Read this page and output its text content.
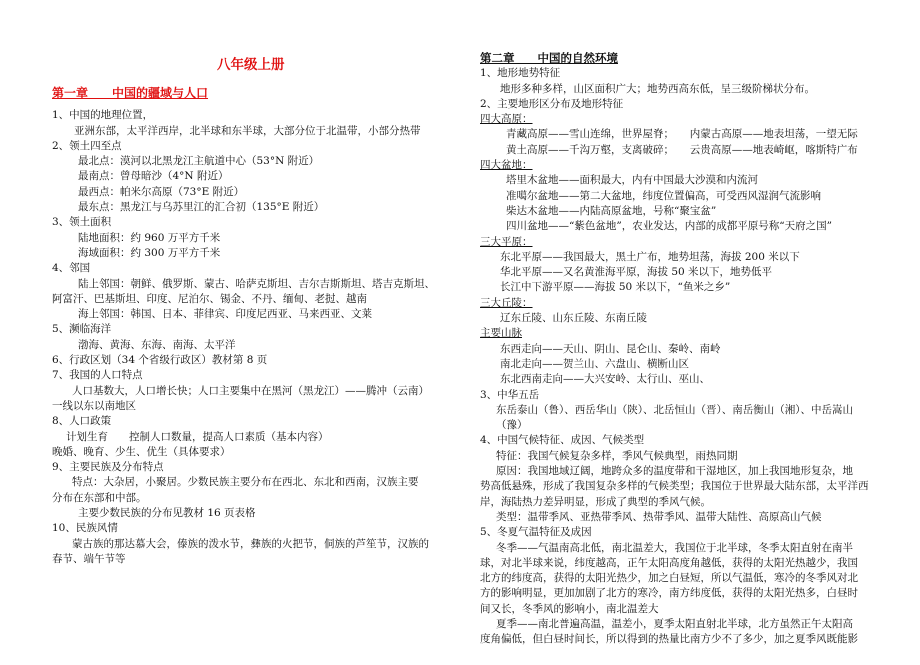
八年级上册
第一章　　中国的疆域与人口
1、中国的地理位置，
亚洲东部，太平洋西岸，北半球和东半球，大部分位于北温带，小部分热带
2、领土四至点
最北点：漠河以北黑龙江主航道中心（53°N 附近）
最南点：曾母暗沙（4°N 附近）
最西点：帕米尔高原（73°E 附近）
最东点：黑龙江与乌苏里江的汇合初（135°E 附近）
3、领土面积
陆地面积：约 960 万平方千米
海域面积：约 300 万平方千米
4、邻国
陆上邻国：朝鲜、俄罗斯、蒙古、哈萨克斯坦、吉尔吉斯斯坦、塔吉克斯坦、
阿富汗、巴基斯坦、印度、尼泊尔、锡金、不丹、缅甸、老挝、越南
海上邻国：韩国、日本、菲律宾、印度尼西亚、马来西亚、文莱
5、濒临海洋
渤海、黄海、东海、南海、太平洋
6、行政区划（34 个省级行政区）教材第 8 页
7、我国的人口特点
人口基数大，人口增长快；人口主要集中在黑河（黑龙江）——腾冲（云南）
一线以东以南地区
8、人口政策
计划生育　　控制人口数量，提高人口素质（基本内容）
晚婚、晚育、少生、优生（具体要求）
9、主要民族及分布特点
特点：大杂居，小聚居。少数民族主要分布在西北、东北和西南，汉族主要
分布在东部和中部。
主要少数民族的分布见教材 16 页表格
10、民族风情
蒙古族的那达慕大会，傣族的泼水节，彝族的火把节，侗族的芦笙节，汉族的
春节、端午节等
第二章　　中国的自然环境
1、地形地势特征
地形多种多样，山区面积广大；地势西高东低，呈三级阶梯状分布。
2、主要地形区分布及地形特征
四大高原：
青藏高原——雪山连绵，世界屋脊；　　内蒙古高原——地表坦荡，一望无际
黄土高原——千沟万壑，支离破碎；　　云贵高原——地表崎岖，喀斯特广布
四大盆地：
塔里木盆地——面积最大，内有中国最大沙漠和内流河
准噶尔盆地——第二大盆地，纬度位置偏高，可受西风湿润气流影响
柴达木盆地——内陆高原盆地，号称“聚宝盆”
四川盆地——“紫色盆地”，农业发达，内部的成都平原号称“天府之国”
三大平原：
东北平原——我国最大，黑土广布，地势坦荡，海拔 200 米以下
华北平原——又名黄淮海平原，海拔 50 米以下，地势低平
长江中下游平原——海拔 50 米以下，“鱼米之乡”
三大丘陵：
辽东丘陵、山东丘陵、东南丘陵
主要山脉
东西走向——天山、阴山、昆仑山、秦岭、南岭
南北走向——贺兰山、六盘山、横断山区
东北西南走向——大兴安岭、太行山、巫山、
3、中华五岳
东岳泰山（鲁）、西岳华山（陕）、北岳恒山（晋）、南岳衡山（湘）、中岳嵩山
（豫）
4、中国气候特征、成因、气候类型
特征：我国气候复杂多样，季风气候典型，雨热同期
原因：我国地域辽阔，地跨众多的温度带和干湿地区，加上我国地形复杂，地
势高低悬殊，形成了我国复杂多样的气候类型；我国位于世界最大陆东部，太平洋西
岸，海陆热力差异明显，形成了典型的季风气候。
类型：温带季风、亚热带季风、热带季风、温带大陆性、高原高山气候
5、冬夏气温特征及成因
冬季——气温南高北低，南北温差大，我国位于北半球，冬季太阳直射在南半
球，对北半球来说，纬度越高，正午太阳高度角越低，获得的太阳光热越少，我国
北方的纬度高，获得的太阳光热少，加之白昼短，所以气温低，寒冷的冬季风对北
方的影响明显，更加加剧了北方的寒冷，南方纬度低，获得的太阳光热多，白昼时
间又长，冬季风的影响小，南北温差大
夏季——南北普遍高温，温差小，夏季太阳直射北半球，北方虽然正午太阳高
度角偏低，但白昼时间长，所以得到的热量比南方少不了多少，加之夏季风既能影
